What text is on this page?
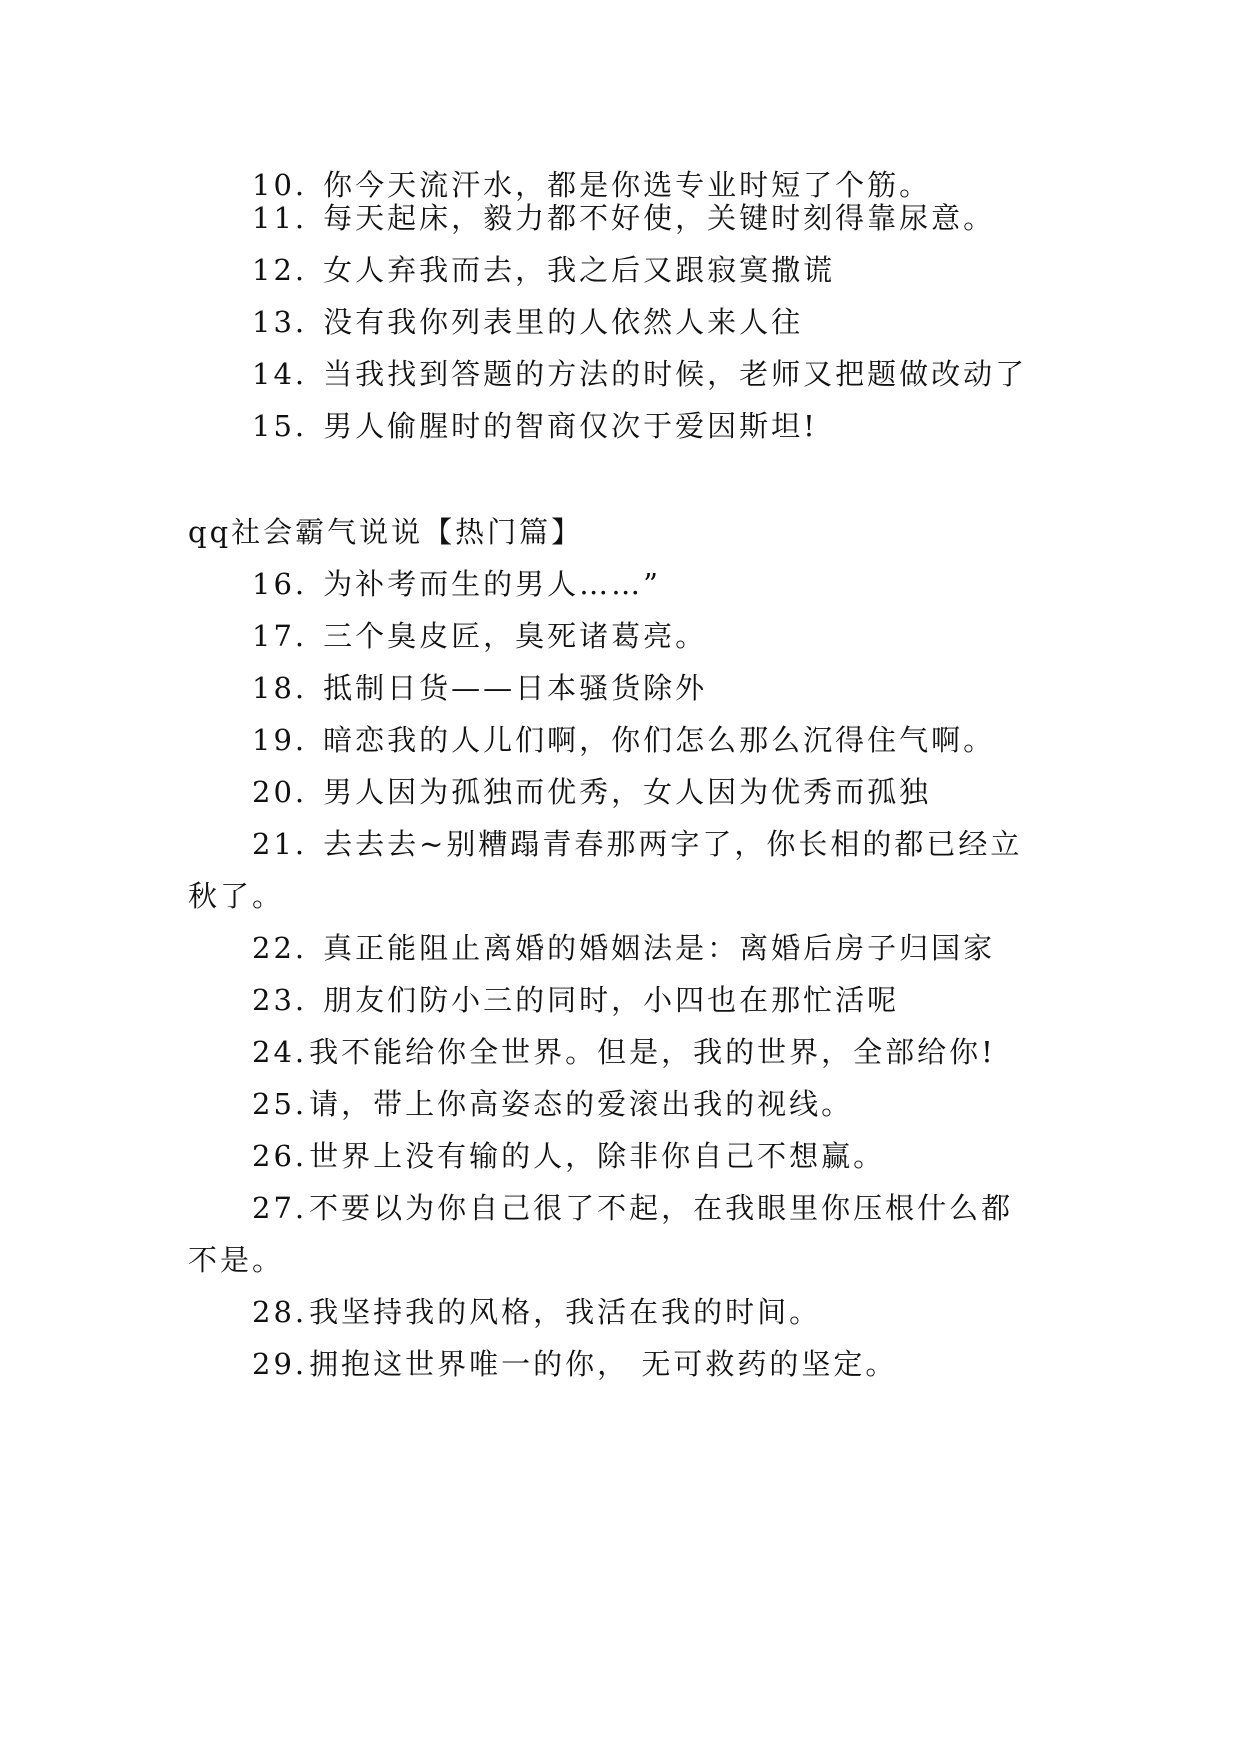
10. 你今天流汗水，都是你选专业时短了个筋。
11. 每天起床，毅力都不好使，关键时刻得靠尿意。
12. 女人弃我而去，我之后又跟寂寞撒谎
13. 没有我你列表里的人依然人来人往
14. 当我找到答题的方法的时候，老师又把题做改动了
15. 男人偷腥时的智商仅次于爱因斯坦!
qq社会霸气说说【热门篇】
16. 为补考而生的男人……”
17. 三个臭皮匠，臭死诸葛亮。
18. 抵制日货——日本骚货除外
19. 暗恋我的人儿们啊，你们怎么那么沉得住气啊。
20. 男人因为孤独而优秀，女人因为优秀而孤独
21. 去去去~别糟蹋青春那两字了，你长相的都已经立
秋了。
22. 真正能阻止离婚的婚姻法是：离婚后房子归国家
23. 朋友们防小三的同时，小四也在那忙活呢
24.我不能给你全世界。但是，我的世界，全部给你!
25.请，带上你高姿态的爱滚出我的视线。
26.世界上没有输的人，除非你自己不想赢。
27.不要以为你自己很了不起，在我眼里你压根什么都
不是。
28.我坚持我的风格，我活在我的时间。
29.拥抱这世界唯一的你， 无可救药的坚定。
